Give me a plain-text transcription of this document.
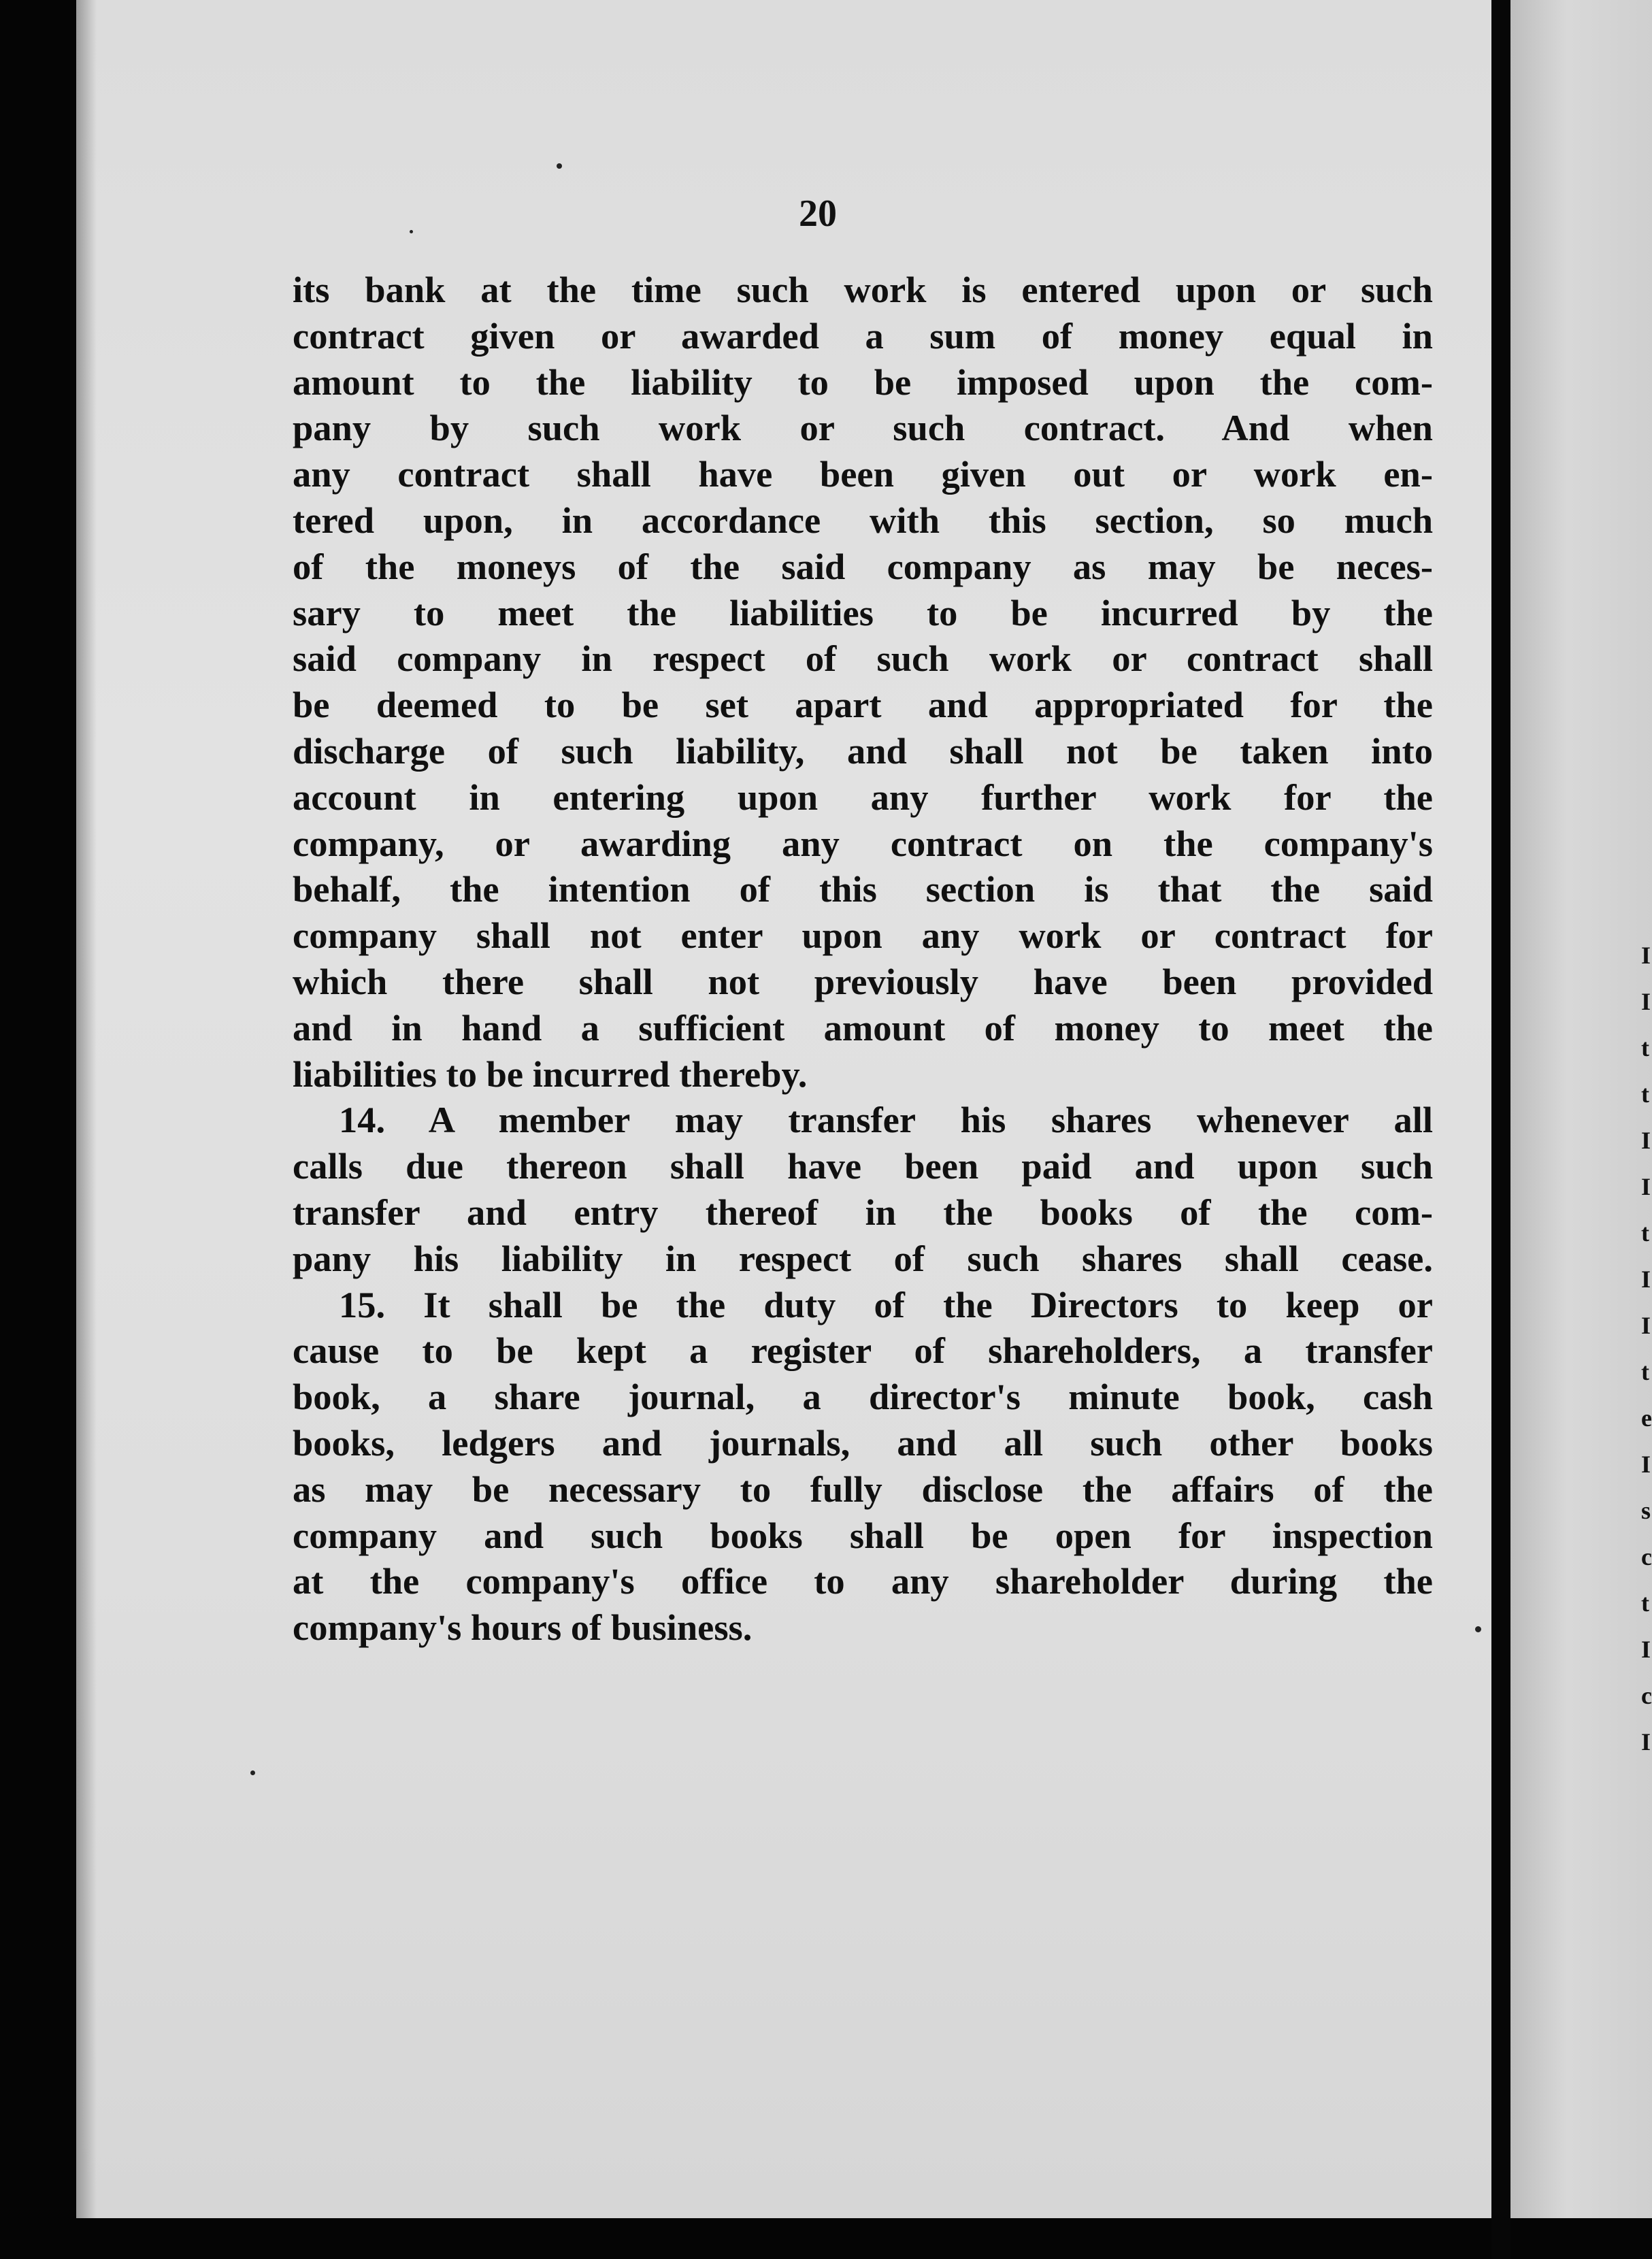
20
its bank at the time such work is entered upon or such
contract given or awarded a sum of money equal in
amount to the liability to be imposed upon the com-
pany by such work or such contract. And when
any contract shall have been given out or work en-
tered upon, in accordance with this section, so much
of the moneys of the said company as may be neces-
sary to meet the liabilities to be incurred by the
said company in respect of such work or contract shall
be deemed to be set apart and appropriated for the
discharge of such liability, and shall not be taken into
account in entering upon any further work for the
company, or awarding any contract on the company's
behalf, the intention of this section is that the said
company shall not enter upon any work or contract for
which there shall not previously have been provided
and in hand a sufficient amount of money to meet the
liabilities to be incurred thereby.
14. A member may transfer his shares whenever all
calls due thereon shall have been paid and upon such
transfer and entry thereof in the books of the com-
pany his liability in respect of such shares shall cease.
15. It shall be the duty of the Directors to keep or
cause to be kept a register of shareholders, a transfer
book, a share journal, a director's minute book, cash
books, ledgers and journals, and all such other books
as may be necessary to fully disclose the affairs of the
company and such books shall be open for inspection
at the company's office to any shareholder during the
company's hours of business.
I
I
t
t
I
I
t
I
I
t
e
I
s
c
t
I
c
I
